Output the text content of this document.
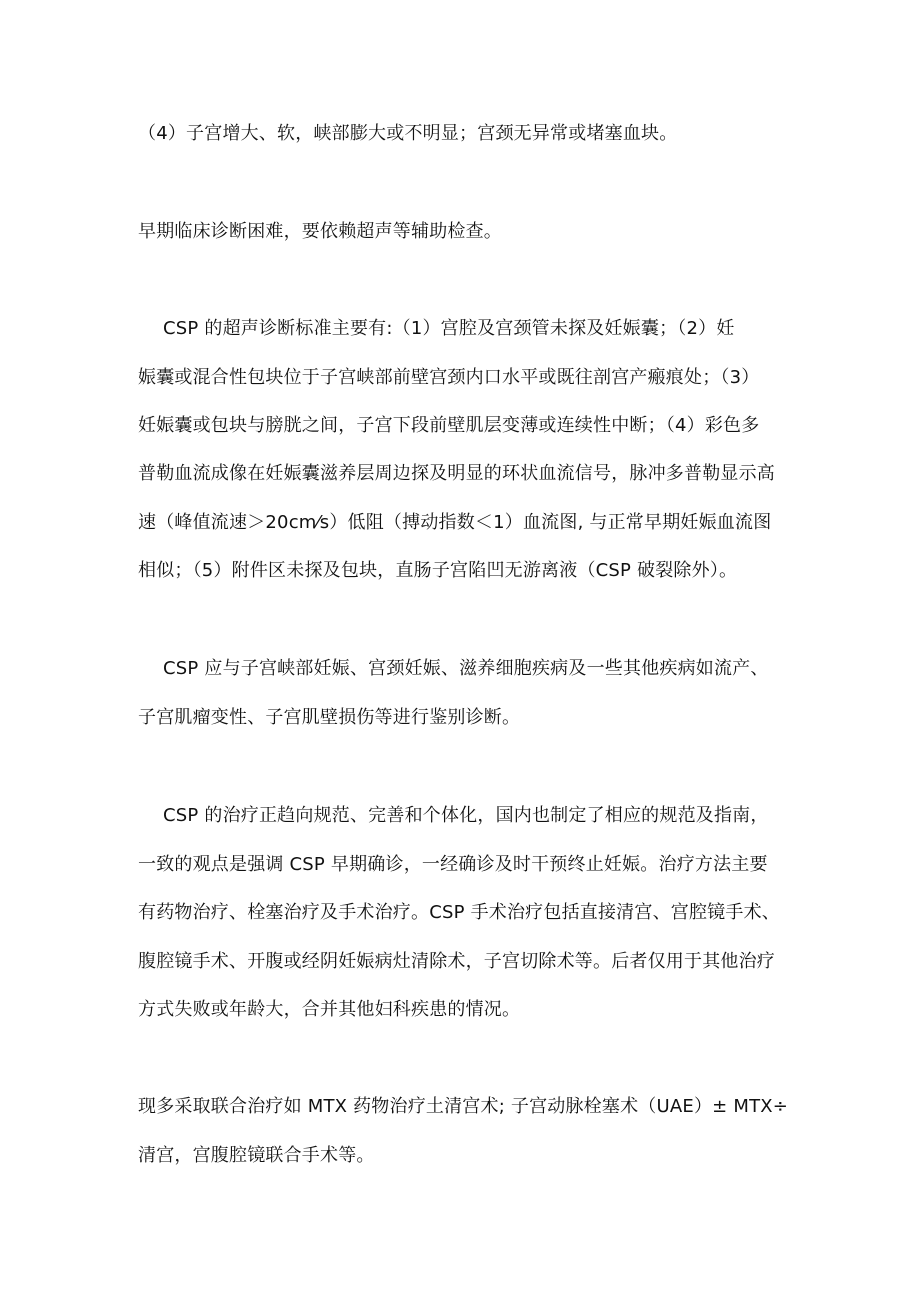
（4）子宫增大、软，峡部膨大或不明显；宫颈无异常或堵塞血块。
早期临床诊断困难，要依赖超声等辅助检查。
CSP 的超声诊断标准主要有:（1）宫腔及宫颈管未探及妊娠囊；（2）妊
娠囊或混合性包块位于子宫峡部前壁宫颈内口水平或既往剖宫产瘢痕处；（3）
妊娠囊或包块与膀胱之间，子宫下段前壁肌层变薄或连续性中断；（4）彩色多
普勒血流成像在妊娠囊滋养层周边探及明显的环状血流信号，脉冲多普勒显示高
速（峰值流速＞20cm⁄s）低阻（搏动指数＜1）血流图, 与正常早期妊娠血流图
相似；（5）附件区未探及包块，直肠子宫陷凹无游离液（CSP 破裂除外）。
CSP 应与子宫峡部妊娠、宫颈妊娠、滋养细胞疾病及一些其他疾病如流产、
子宫肌瘤变性、子宫肌壁损伤等进行鉴别诊断。
CSP 的治疗正趋向规范、完善和个体化，国内也制定了相应的规范及指南，
一致的观点是强调 CSP 早期确诊，一经确诊及时干预终止妊娠。治疗方法主要
有药物治疗、栓塞治疗及手术治疗。CSP 手术治疗包括直接清宫、宫腔镜手术、
腹腔镜手术、开腹或经阴妊娠病灶清除术，子宫切除术等。后者仅用于其他治疗
方式失败或年龄大，合并其他妇科疾患的情况。
现多采取联合治疗如 MTX 药物治疗土清宫术; 子宫动脉栓塞术（UAE）± MTX÷
清宫，宫腹腔镜联合手术等。
